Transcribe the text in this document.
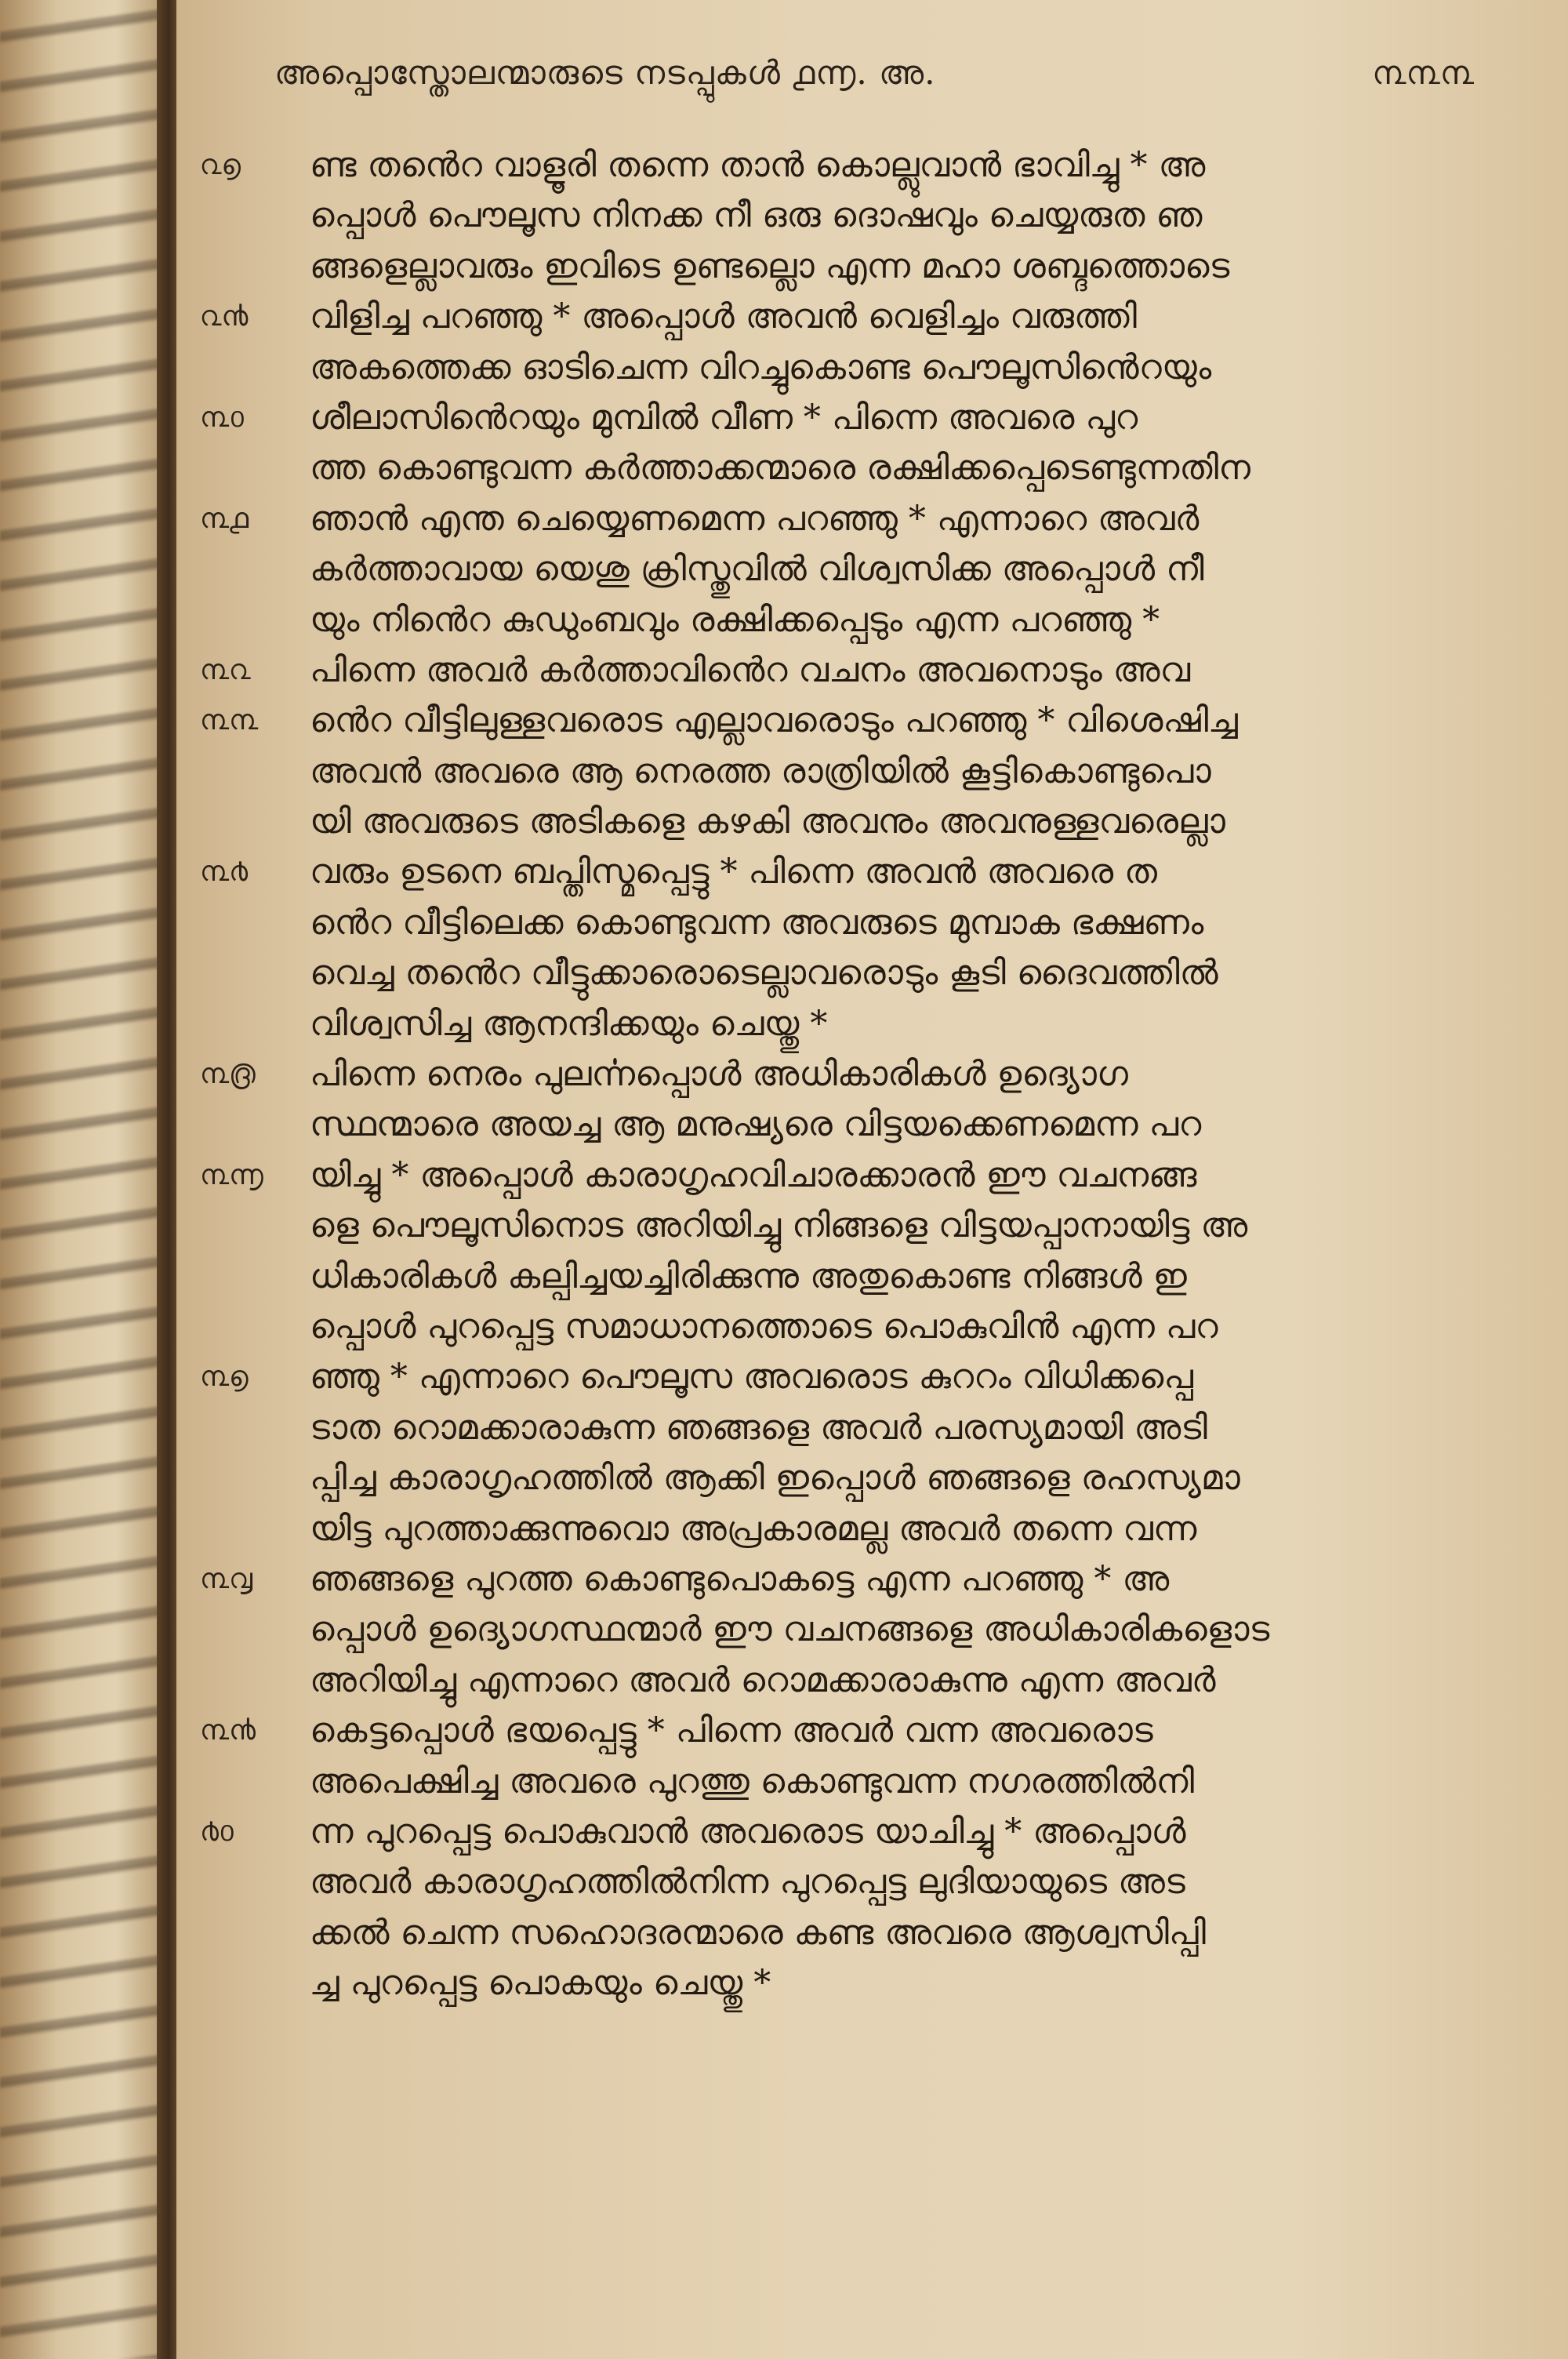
അപ്പൊസ്തോലന്മാരുടെ നടപ്പുകൾ ൧൬. അ.	൩൩൩
൨൭	ണ്ട തൻെറ വാളൂരി തന്നെ താൻ കൊല്ലുവാൻ ഭാവിച്ചു * അ
പ്പൊൾ പൌലൂസ നിനക്ക നീ ഒരു ദൊഷവും ചെയ്യരുത ഞ
ങ്ങളെല്ലാവരും ഇവിടെ ഉണ്ടല്ലൊ എന്ന മഹാ ശബ്ദത്തൊടെ
൨൯	വിളിച്ച പറഞ്ഞു * അപ്പൊൾ അവൻ വെളിച്ചം വരുത്തി
അകത്തെക്ക ഓടിചെന്ന വിറച്ചുകൊണ്ട പൌലൂസിൻെറയും
൩൦	ശീലാസിൻെറയും മുമ്പിൽ വീണ * പിന്നെ അവരെ പുറ
ത്ത കൊണ്ടുവന്ന കർത്താക്കന്മാരെ രക്ഷിക്കപ്പെടെണ്ടുന്നതിന
൩൧	ഞാൻ എന്ത ചെയ്യെണമെന്ന പറഞ്ഞു * എന്നാറെ അവർ
കർത്താവായ യെശു ക്രിസ്തുവിൽ വിശ്വസിക്ക അപ്പൊൾ നീ
യും നിൻെറ കുഡുംബവും രക്ഷിക്കപ്പെടും എന്ന പറഞ്ഞു *
൩൨	പിന്നെ അവർ കർത്താവിൻെറ വചനം അവനൊടും അവ
൩൩	ൻെറ വീട്ടിലുള്ളവരൊട എല്ലാവരൊടും പറഞ്ഞു * വിശെഷിച്ച
അവൻ അവരെ ആ നെരത്ത രാത്രിയിൽ കൂട്ടികൊണ്ടുപൊ
യി അവരുടെ അടികളെ കഴകി അവനും അവനുള്ളവരെല്ലാ
൩൪	വരും ഉടനെ ബപ്തിസ്മപ്പെട്ടു * പിന്നെ അവൻ അവരെ ത
ൻെറ വീട്ടിലെക്ക കൊണ്ടുവന്ന അവരുടെ മുമ്പാക ഭക്ഷണം
വെച്ച തൻെറ വീട്ടുക്കാരൊടെല്ലാവരൊടും കൂടി ദൈവത്തിൽ
വിശ്വസിച്ച ആനന്ദിക്കയും ചെയ്തു *
൩൫	പിന്നെ നെരം പുലൎന്നപ്പൊൾ അധികാരികൾ ഉദ്യൊഗ
സ്ഥന്മാരെ അയച്ച ആ മനുഷ്യരെ വിട്ടയക്കെണമെന്ന പറ
൩൬	യിച്ചു * അപ്പൊൾ കാരാഗൃഹവിചാരക്കാരൻ ഈ വചനങ്ങ
ളെ പൌലൂസിനൊട അറിയിച്ചു നിങ്ങളെ വിട്ടയപ്പാനായിട്ട അ
ധികാരികൾ കല്പിച്ചയച്ചിരിക്കുന്നു അതുകൊണ്ട നിങ്ങൾ ഇ
പ്പൊൾ പുറപ്പെട്ട സമാധാനത്തൊടെ പൊകുവിൻ എന്ന പറ
൩൭	ഞ്ഞു * എന്നാറെ പൌലൂസ അവരൊട കുററം വിധിക്കപ്പെ
ടാത റൊമക്കാരാകുന്ന ഞങ്ങളെ അവർ പരസ്യമായി അടി
പ്പിച്ച കാരാഗൃഹത്തിൽ ആക്കി ഇപ്പൊൾ ഞങ്ങളെ രഹസ്യമാ
യിട്ട പുറത്താക്കുന്നുവൊ അപ്രകാരമല്ല അവർ തന്നെ വന്ന
൩൮	ഞങ്ങളെ പുറത്ത കൊണ്ടുപൊകട്ടെ എന്ന പറഞ്ഞു * അ
പ്പൊൾ ഉദ്യൊഗസ്ഥന്മാർ ഈ വചനങ്ങളെ അധികാരികളൊട
അറിയിച്ചു എന്നാറെ അവർ റൊമക്കാരാകുന്നു എന്ന അവർ
൩൯	കെട്ടപ്പൊൾ ഭയപ്പെട്ടു * പിന്നെ അവർ വന്ന അവരൊട
അപെക്ഷിച്ച അവരെ പുറത്തു കൊണ്ടുവന്ന നഗരത്തിൽനി
൪൦	ന്ന പുറപ്പെട്ട പൊകുവാൻ അവരൊട യാചിച്ചു * അപ്പൊൾ
അവർ കാരാഗൃഹത്തിൽനിന്ന പുറപ്പെട്ട ലുദിയായുടെ അട
ക്കൽ ചെന്ന സഹൊദരന്മാരെ കണ്ട അവരെ ആശ്വസിപ്പി
ച്ച പുറപ്പെട്ട പൊകയും ചെയ്തു *
